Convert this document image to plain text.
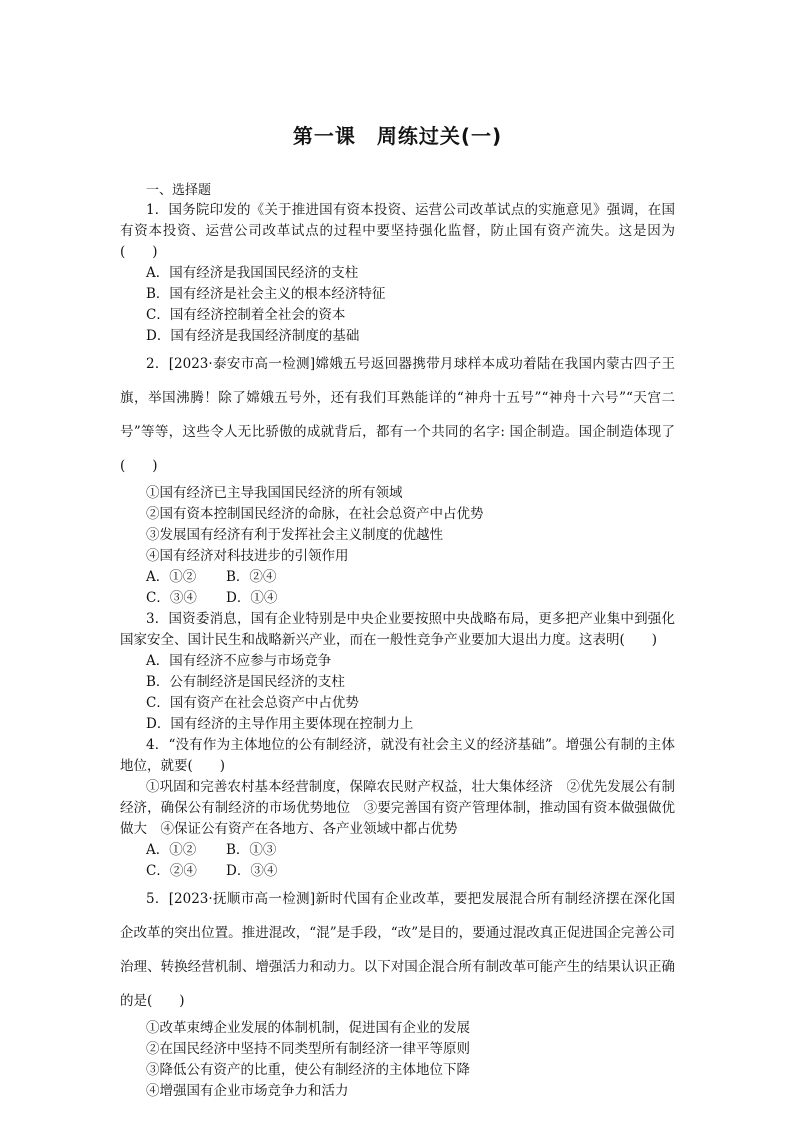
第一课　周练过关(一)

一、选择题

1．国务院印发的《关于推进国有资本投资、运营公司改革试点的实施意见》强调，在国有资本投资、运营公司改革试点的过程中要坚持强化监督，防止国有资产流失。这是因为(　　)

A．国有经济是我国国民经济的支柱

B．国有经济是社会主义的根本经济特征

C．国有经济控制着全社会的资本

D．国有经济是我国经济制度的基础

2．[2023·泰安市高一检测]嫦娥五号返回器携带月球样本成功着陆在我国内蒙古四子王旗，举国沸腾！除了嫦娥五号外，还有我们耳熟能详的“神舟十五号”“神舟十六号”“天宫二号”等等，这些令人无比骄傲的成就背后，都有一个共同的名字: 国企制造。国企制造体现了(　　)

①国有经济已主导我国国民经济的所有领域

②国有资本控制国民经济的命脉，在社会总资产中占优势

③发展国有经济有利于发挥社会主义制度的优越性

④国有经济对科技进步的引领作用

A．①②	B．②④
C．③④	D．①④

3．国资委消息，国有企业特别是中央企业要按照中央战略布局，更多把产业集中到强化国家安全、国计民生和战略新兴产业，而在一般性竞争产业要加大退出力度。这表明(　　)

A．国有经济不应参与市场竞争

B．公有制经济是国民经济的支柱

C．国有资产在社会总资产中占优势

D．国有经济的主导作用主要体现在控制力上

4．“没有作为主体地位的公有制经济，就没有社会主义的经济基础”。增强公有制的主体地位，就要(　　)

①巩固和完善农村基本经营制度，保障农民财产权益，壮大集体经济　②优先发展公有制经济，确保公有制经济的市场优势地位　③要完善国有资产管理体制，推动国有资本做强做优做大　④保证公有资产在各地方、各产业领域中都占优势

A．①②	B．①③
C．②④	D．③④

5．[2023·抚顺市高一检测]新时代国有企业改革，要把发展混合所有制经济摆在深化国企改革的突出位置。推进混改，“混”是手段，“改”是目的，要通过混改真正促进国企完善公司治理、转换经营机制、增强活力和动力。以下对国企混合所有制改革可能产生的结果认识正确的是(　　)

①改革束缚企业发展的体制机制，促进国有企业的发展

②在国民经济中坚持不同类型所有制经济一律平等原则

③降低公有资产的比重，使公有制经济的主体地位下降

④增强国有企业市场竞争力和活力
